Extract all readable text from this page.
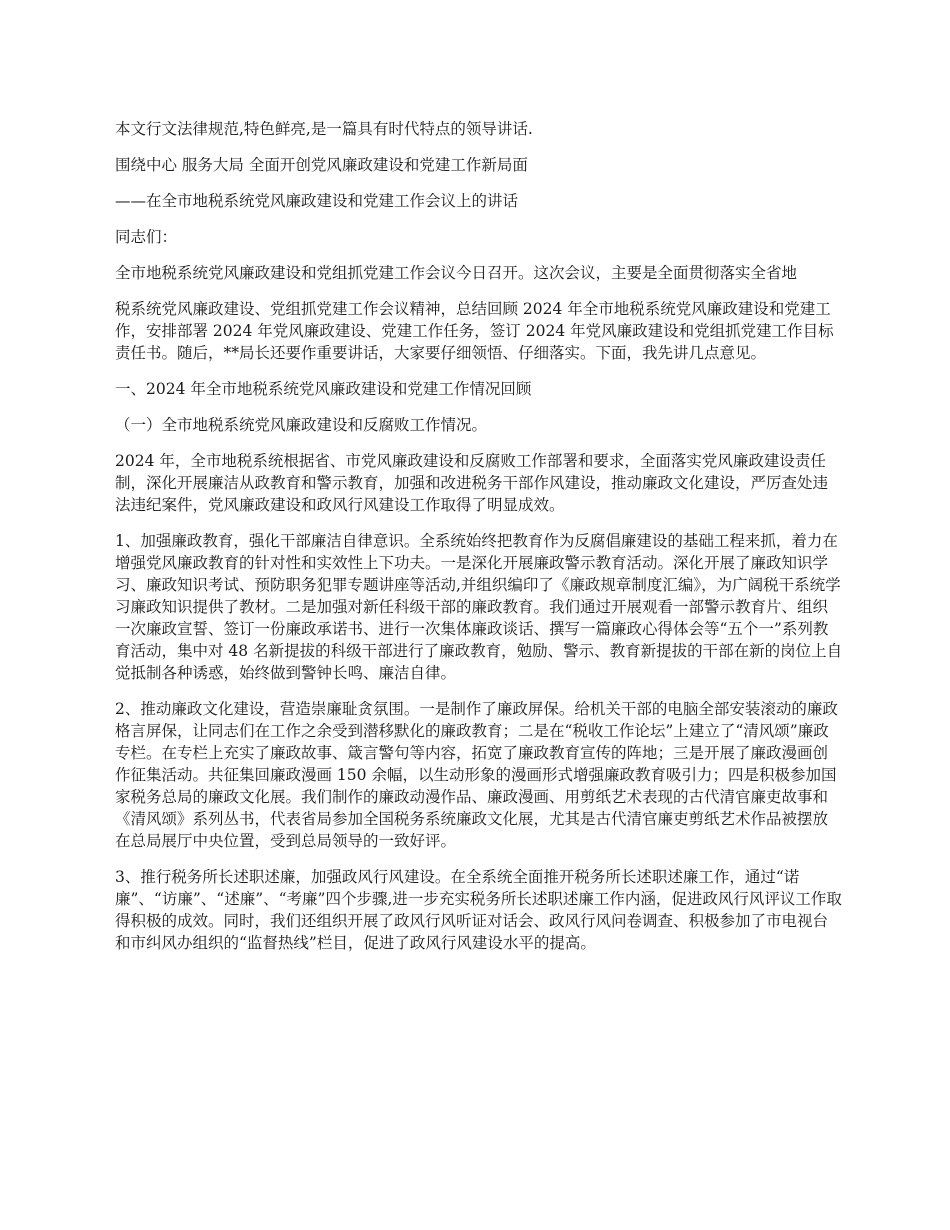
本文行文法律规范,特色鲜亮,是一篇具有时代特点的领导讲话.

围绕中心 服务大局 全面开创党风廉政建设和党建工作新局面

——在全市地税系统党风廉政建设和党建工作会议上的讲话

同志们：

全市地税系统党风廉政建设和党组抓党建工作会议今日召开。这次会议，主要是全面贯彻落实全省地

税系统党风廉政建设、党组抓党建工作会议精神，总结回顾 2024 年全市地税系统党风廉政建设和党建工作，安排部署 2024 年党风廉政建设、党建工作任务，签订 2024 年党风廉政建设和党组抓党建工作目标责任书。随后，**局长还要作重要讲话，大家要仔细领悟、仔细落实。下面，我先讲几点意见。

一、2024 年全市地税系统党风廉政建设和党建工作情况回顾

（一）全市地税系统党风廉政建设和反腐败工作情况。

2024 年，全市地税系统根据省、市党风廉政建设和反腐败工作部署和要求，全面落实党风廉政建设责任制，深化开展廉洁从政教育和警示教育，加强和改进税务干部作风建设，推动廉政文化建设，严厉查处违法违纪案件，党风廉政建设和政风行风建设工作取得了明显成效。

1、加强廉政教育，强化干部廉洁自律意识。全系统始终把教育作为反腐倡廉建设的基础工程来抓，着力在增强党风廉政教育的针对性和实效性上下功夫。一是深化开展廉政警示教育活动。深化开展了廉政知识学习、廉政知识考试、预防职务犯罪专题讲座等活动,并组织编印了《廉政规章制度汇编》，为广阔税干系统学习廉政知识提供了教材。二是加强对新任科级干部的廉政教育。我们通过开展观看一部警示教育片、组织一次廉政宣誓、签订一份廉政承诺书、进行一次集体廉政谈话、撰写一篇廉政心得体会等“五个一”系列教育活动，集中对 48 名新提拔的科级干部进行了廉政教育，勉励、警示、教育新提拔的干部在新的岗位上自觉抵制各种诱惑，始终做到警钟长鸣、廉洁自律。

2、推动廉政文化建设，营造崇廉耻贪氛围。一是制作了廉政屏保。给机关干部的电脑全部安装滚动的廉政格言屏保，让同志们在工作之余受到潜移默化的廉政教育；二是在“税收工作论坛”上建立了“清风颂”廉政专栏。在专栏上充实了廉政故事、箴言警句等内容，拓宽了廉政教育宣传的阵地；三是开展了廉政漫画创作征集活动。共征集回廉政漫画 150 余幅，以生动形象的漫画形式增强廉政教育吸引力；四是积极参加国家税务总局的廉政文化展。我们制作的廉政动漫作品、廉政漫画、用剪纸艺术表现的古代清官廉吏故事和《清风颂》系列丛书，代表省局参加全国税务系统廉政文化展，尤其是古代清官廉吏剪纸艺术作品被摆放在总局展厅中央位置，受到总局领导的一致好评。

3、推行税务所长述职述廉，加强政风行风建设。在全系统全面推开税务所长述职述廉工作，通过“诺廉”、“访廉”、“述廉”、“考廉”四个步骤,进一步充实税务所长述职述廉工作内涵，促进政风行风评议工作取得积极的成效。同时，我们还组织开展了政风行风听证对话会、政风行风问卷调查、积极参加了市电视台和市纠风办组织的“监督热线”栏目，促进了政风行风建设水平的提高。
